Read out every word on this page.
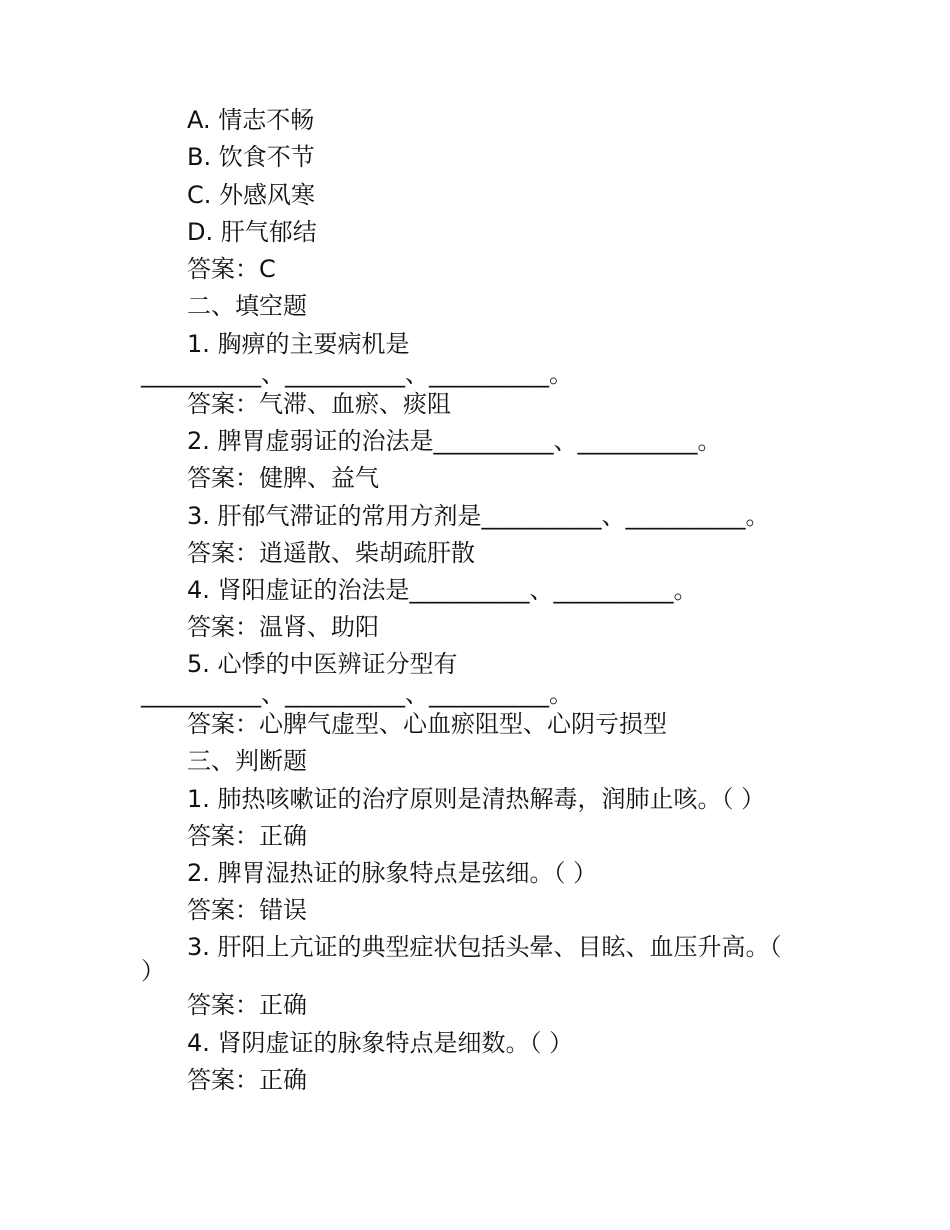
A. 情志不畅

B. 饮食不节

C. 外感风寒

D. 肝气郁结

答案：C

二、填空题

1. 胸痹的主要病机是

__________、__________、__________。

答案：气滞、血瘀、痰阻

2. 脾胃虚弱证的治法是__________、__________。

答案：健脾、益气

3. 肝郁气滞证的常用方剂是__________、__________。

答案：逍遥散、柴胡疏肝散

4. 肾阳虚证的治法是__________、__________。

答案：温肾、助阳

5. 心悸的中医辨证分型有

__________、__________、__________。

答案：心脾气虚型、心血瘀阻型、心阴亏损型

三、判断题

1. 肺热咳嗽证的治疗原则是清热解毒，润肺止咳。（ ）

答案：正确

2. 脾胃湿热证的脉象特点是弦细。（ ）

答案：错误

3. 肝阳上亢证的典型症状包括头晕、目眩、血压升高。（

）

答案：正确

4. 肾阴虚证的脉象特点是细数。（ ）

答案：正确
